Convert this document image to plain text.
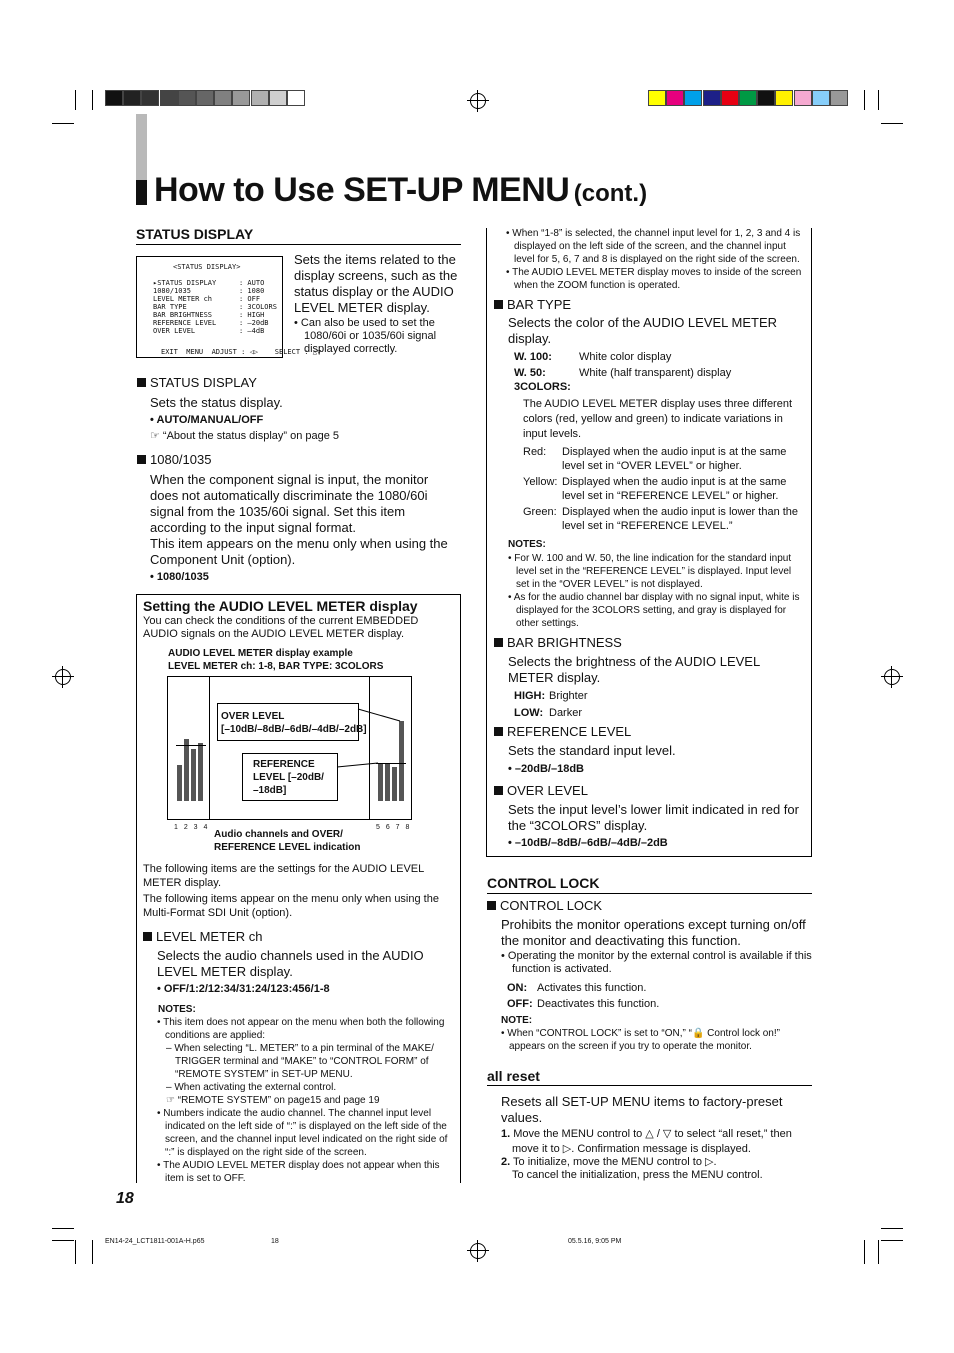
How to Use SET-UP MENU (cont.)
STATUS DISPLAY
<STATUS DISPLAY>
▸STATUS DISPLAY	: AUTO
1080/1035	: 1080
LEVEL METER ch	: OFF
BAR TYPE	: 3COLORS
BAR BRIGHTNESS	: HIGH
REFERENCE LEVEL	: –20dB
OVER LEVEL	: –4dB
EXIT  MENU  ADJUST : ◁▷    SELECT : △▽
Sets the items related to the display screens, such as the status display or the AUDIO LEVEL METER display.
• Can also be used to set the 1080/60i or 1035/60i signal displayed correctly.
STATUS DISPLAY
Sets the status display.
• AUTO/MANUAL/OFF
☞ “About the status display” on page 5
1080/1035
When the component signal is input, the monitor does not automatically discriminate the 1080/60i signal from the 1035/60i signal. Set this item according to the input signal format.
This item appears on the menu only when using the Component Unit (option).
• 1080/1035
Setting the AUDIO LEVEL METER display
You can check the conditions of the current EMBEDDED AUDIO signals on the AUDIO LEVEL METER display.
AUDIO LEVEL METER display example
LEVEL METER ch: 1-8, BAR TYPE: 3COLORS
OVER LEVEL
[–10dB/–8dB/–6dB/–4dB/–2dB]
REFERENCE
LEVEL [–20dB/
–18dB]
1 2 3 4	5 6 7 8
Audio channels and OVER/
REFERENCE LEVEL indication
The following items are the settings for the AUDIO LEVEL METER display.
The following items appear on the menu only when using the Multi-Format SDI Unit (option).
LEVEL METER ch
Selects the audio channels used in the AUDIO LEVEL METER display.
• OFF/1:2/12:34/31:24/123:456/1-8
NOTES:
• This item does not appear on the menu when both the following conditions are applied:
– When selecting “L. METER” to a pin terminal of the MAKE/ TRIGGER terminal and “MAKE” to “CONTROL FORM” of “REMOTE SYSTEM” in SET-UP MENU.
– When activating the external control.
☞ “REMOTE SYSTEM” on page15 and page 19
• Numbers indicate the audio channel. The channel input level indicated on the left side of “:” is displayed on the left side of the screen, and the channel input level indicated on the right side of “:” is displayed on the right side of the screen.
• The AUDIO LEVEL METER display does not appear when this item is set to OFF.
18
• When “1-8” is selected, the channel input level for 1, 2, 3 and 4 is displayed on the left side of the screen, and the channel input level for 5, 6, 7 and 8 is displayed on the right side of the screen.
• The AUDIO LEVEL METER display moves to inside of the screen when the ZOOM function is operated.
BAR TYPE
Selects the color of the AUDIO LEVEL METER display.
W. 100: White color display
W. 50:	White (half transparent) display
3COLORS:
The AUDIO LEVEL METER display uses three different colors (red, yellow and green) to indicate variations in input levels.
Red: Displayed when the audio input is at the same level set in “OVER LEVEL” or higher.
Yellow: Displayed when the audio input is at the same level set in “REFERENCE LEVEL” or higher.
Green: Displayed when the audio input is lower than the level set in “REFERENCE LEVEL.”
NOTES:
• For W. 100 and W. 50, the line indication for the standard input level set in the “REFERENCE LEVEL” is displayed. Input level set in the “OVER LEVEL” is not displayed.
• As for the audio channel bar display with no signal input, white is displayed for the 3COLORS setting, and gray is displayed for other settings.
BAR BRIGHTNESS
Selects the brightness of the AUDIO LEVEL METER display.
HIGH: Brighter
LOW: Darker
REFERENCE LEVEL
Sets the standard input level.
• –20dB/–18dB
OVER LEVEL
Sets the input level’s lower limit indicated in red for the “3COLORS” display.
• –10dB/–8dB/–6dB/–4dB/–2dB
CONTROL LOCK
CONTROL LOCK
Prohibits the monitor operations except turning on/off the monitor and deactivating this function.
• Operating the monitor by the external control is available if this function is activated.
ON: Activates this function.
OFF: Deactivates this function.
NOTE:
• When “CONTROL LOCK” is set to “ON,” “🔒 Control lock on!” appears on the screen if you try to operate the monitor.
all reset
Resets all SET-UP MENU items to factory-preset values.
1. Move the MENU control to △ / ▽ to select “all reset,” then
move it to ▷. Confirmation message is displayed.
2. To initialize, move the MENU control to ▷.
To cancel the initialization, press the MENU control.
EN14-24_LCT1811-001A-H.p65	18	05.5.16, 9:05 PM
